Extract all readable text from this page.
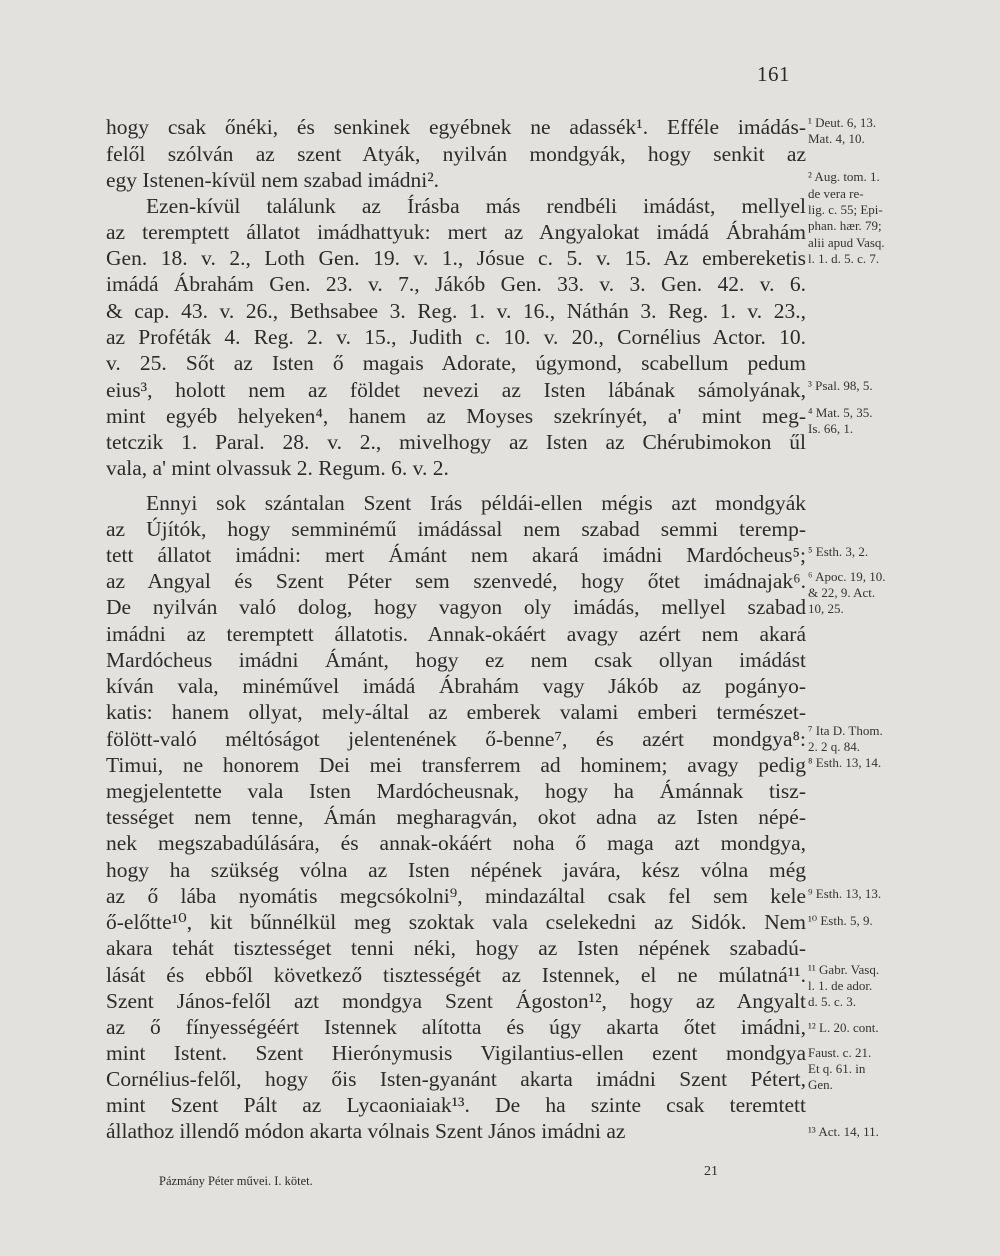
161
hogy csak őnéki, és senkinek egyébnek ne adassék¹. Efféle imádás-
felől szólván az szent Atyák, nyilván mondgyák, hogy senkit az
egy Istenen-kívül nem szabad imádni².
Ezen-kívül találunk az Írásba más rendbéli imádást, mellyel
az teremptett állatot imádhattyuk: mert az Angyalokat imádá Ábrahám
Gen. 18. v. 2., Loth Gen. 19. v. 1., Jósue c. 5. v. 15. Az embereketis
imádá Ábrahám Gen. 23. v. 7., Jákób Gen. 33. v. 3. Gen. 42. v. 6.
& cap. 43. v. 26., Bethsabee 3. Reg. 1. v. 16., Náthán 3. Reg. 1. v. 23.,
az Proféták 4. Reg. 2. v. 15., Judith c. 10. v. 20., Cornélius Actor. 10.
v. 25. Sőt az Isten ő magais Adorate, úgymond, scabellum pedum
eius³, holott nem az földet nevezi az Isten lábának sámolyának,
mint egyéb helyeken⁴, hanem az Moyses szekrínyét, a' mint meg-
tetczik 1. Paral. 28. v. 2., mivelhogy az Isten az Chérubimokon űl
vala, a' mint olvassuk 2. Regum. 6. v. 2.
Ennyi sok szántalan Szent Irás példái-ellen mégis azt mondgyák
az Újítók, hogy semminémű imádással nem szabad semmi teremp-
tett állatot imádni: mert Ámánt nem akará imádni Mardócheus⁵;
az Angyal és Szent Péter sem szenvedé, hogy őtet imádnajak⁶.
De nyilván való dolog, hogy vagyon oly imádás, mellyel szabad
imádni az teremptett állatotis. Annak-okáért avagy azért nem akará
Mardócheus imádni Ámánt, hogy ez nem csak ollyan imádást
kíván vala, minéművel imádá Ábrahám vagy Jákób az pogányo-
katis: hanem ollyat, mely-által az emberek valami emberi természet-
fölött-való méltóságot jelentenének ő-benne⁷, és azért mondgya⁸:
Timui, ne honorem Dei mei transferrem ad hominem; avagy pedig
megjelentette vala Isten Mardócheusnak, hogy ha Ámánnak tisz-
tességet nem tenne, Ámán megharagván, okot adna az Isten népé-
nek megszabadúlására, és annak-okáért noha ő maga azt mondgya,
hogy ha szükség vólna az Isten népének javára, kész vólna még
az ő lába nyomátis megcsókolni⁹, mindazáltal csak fel sem kele
ő-előtte¹⁰, kit bűnnélkül meg szoktak vala cselekedni az Sidók. Nem
akara tehát tisztességet tenni néki, hogy az Isten népének szabadú-
lását és ebből következő tisztességét az Istennek, el ne múlatná¹¹.
Szent János-felől azt mondgya Szent Ágoston¹², hogy az Angyalt
az ő fínyességéért Istennek alította és úgy akarta őtet imádni,
mint Istent. Szent Hierónymusis Vigilantius-ellen ezent mondgya
Cornélius-felől, hogy őis Isten-gyanánt akarta imádni Szent Pétert,
mint Szent Pált az Lycaoniaiak¹³. De ha szinte csak teremtett
állathoz illendő módon akarta vólnais Szent János imádni az
¹ Deut. 6, 13.
Mat. 4, 10.
² Aug. tom. 1.
de vera re-
lig. c. 55; Epi-
phan. hær. 79;
alii apud Vasq.
l. 1. d. 5. c. 7.
³ Psal. 98, 5.
⁴ Mat. 5, 35.
Is. 66, 1.
⁵ Esth. 3, 2.
⁶ Apoc. 19, 10.
& 22, 9. Act.
10, 25.
⁷ Ita D. Thom.
2. 2 q. 84.
⁸ Esth. 13, 14.
⁹ Esth. 13, 13.
¹⁰ Esth. 5, 9.
¹¹ Gabr. Vasq.
l. 1. de ador.
d. 5. c. 3.
¹² L. 20. cont.
Faust. c. 21.
Et q. 61. in
Gen.
¹³ Act. 14, 11.
Pázmány Péter művei. I. kötet.
21
